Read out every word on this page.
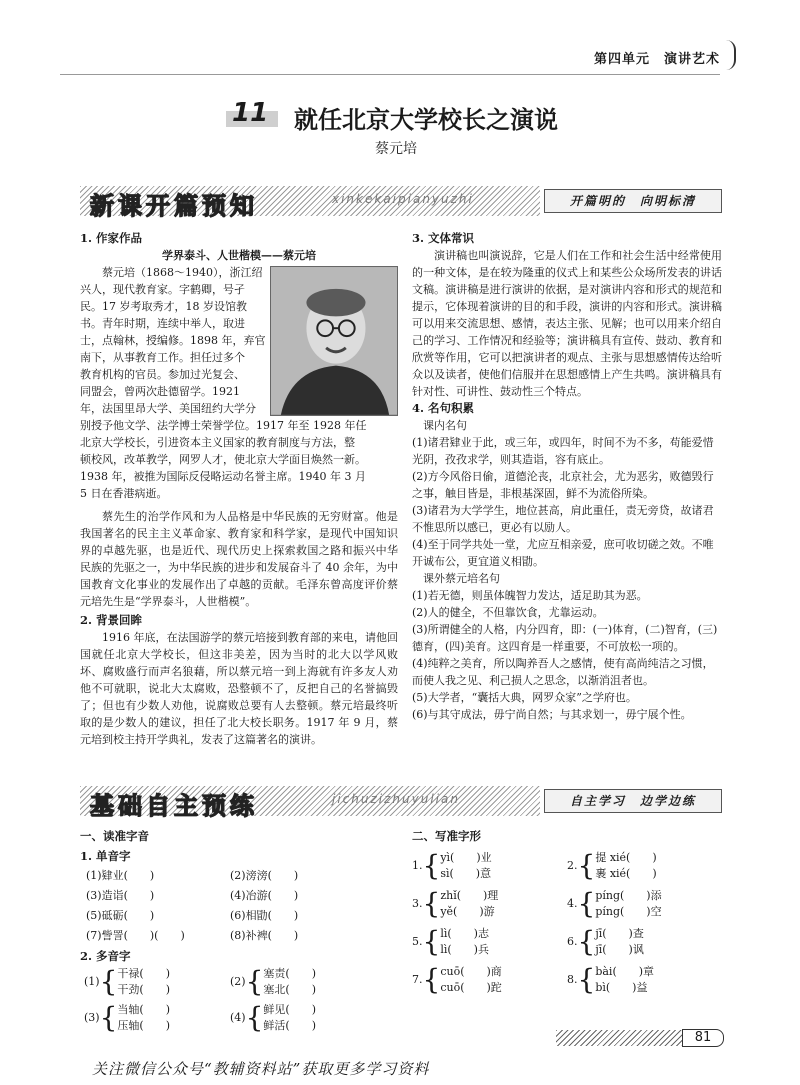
第四单元　演讲艺术
11 就任北京大学校长之演说
蔡元培
新课开篇预知	xinkekaipianyuzhi	开篇明的　向明标清
1. 作家作品
学界泰斗、人世楷模——蔡元培
蔡元培（1868～1940），浙江绍
兴人，现代教育家。字鹤卿，号孑
民。17 岁考取秀才，18 岁设馆教
书。青年时期，连续中举人，取进
士，点翰林，授编修。1898 年，弃官
南下，从事教育工作。担任过多个
教育机构的官员。参加过光复会、
同盟会，曾两次赴德留学。1921
年，法国里昂大学、美国纽约大学分
别授予他文学、法学博士荣誉学位。1917 年至 1928 年任
北京大学校长，引进资本主义国家的教育制度与方法，整
顿校风，改革教学，网罗人才，使北京大学面目焕然一新。
1938 年，被推为国际反侵略运动名誉主席。1940 年 3 月
5 日在香港病逝。
蔡先生的治学作风和为人品格是中华民族的无穷财富。他是我国著名的民主主义革命家、教育家和科学家，是现代中国知识界的卓越先驱，也是近代、现代历史上探索救国之路和振兴中华民族的先驱之一，为中华民族的进步和发展奋斗了 40 余年，为中国教育文化事业的发展作出了卓越的贡献。毛泽东曾高度评价蔡元培先生是“学界泰斗，人世楷模”。
2. 背景回眸
1916 年底，在法国游学的蔡元培接到教育部的来电，请他回国就任北京大学校长，但这非美差，因为当时的北大以学风败坏、腐败盛行而声名狼藉，所以蔡元培一到上海就有许多友人劝他不可就职，说北大太腐败，恐整顿不了，反把自己的名誉搞毁了；但也有少数人劝他，说腐败总要有人去整顿。蔡元培最终听取的是少数人的建议，担任了北大校长职务。1917 年 9 月，蔡元培到校主持开学典礼，发表了这篇著名的演讲。
3. 文体常识
演讲稿也叫演说辞，它是人们在工作和社会生活中经常使用的一种文体，是在较为隆重的仪式上和某些公众场所发表的讲话文稿。演讲稿是进行演讲的依据，是对演讲内容和形式的规范和提示，它体现着演讲的目的和手段，演讲的内容和形式。演讲稿可以用来交流思想、感情，表达主张、见解；也可以用来介绍自己的学习、工作情况和经验等；演讲稿具有宣传、鼓动、教育和欣赏等作用，它可以把演讲者的观点、主张与思想感情传达给听众以及读者，使他们信服并在思想感情上产生共鸣。演讲稿具有针对性、可讲性、鼓动性三个特点。
4. 名句积累
课内名句
(1)诸君肄业于此，或三年，或四年，时间不为不多，苟能爱惜光阴，孜孜求学，则其造诣，容有底止。
(2)方今风俗日偷，道德沦丧，北京社会，尤为恶劣，败德毁行之事，触目皆是，非根基深固，鲜不为流俗所染。
(3)诸君为大学学生，地位甚高，肩此重任，责无旁贷，故诸君不惟思所以感已，更必有以励人。
(4)至于同学共处一堂，尤应互相亲爱，庶可收切磋之效。不唯开诚布公，更宜道义相勖。
课外蔡元培名句
(1)若无德，则虽体魄智力发达，适足助其为恶。
(2)人的健全，不但靠饮食，尤靠运动。
(3)所谓健全的人格，内分四育，即：(一)体育，(二)智育，(三)德育，(四)美育。这四育是一样重要，不可放松一项的。
(4)纯粹之美育，所以陶养吾人之感情，使有高尚纯洁之习惯，而使人我之见、利己损人之思念，以渐消沮者也。
(5)大学者，“囊括大典，网罗众家”之学府也。
(6)与其守成法，毋宁尚自然；与其求划一，毋宁展个性。
基础自主预练	jichuzizhuyulian	自主学习　边学边练
一、读准字音
1. 单音字
(1)肄业(　　)	(2)滂滂(　　)
(3)造诣(　　)	(4)冶游(　　)
(5)砥砺(　　)	(6)相勖(　　)
(7)訾詈(　　)(　　)	(8)补裨(　　)
2. 多音字
(1) { 干禄(　　)
干劲(　　)
(2) { 塞责(　　)
塞北(　　)
(3) { 当轴(　　)
压轴(　　)
(4) { 鲜见(　　)
鲜活(　　)
二、写准字形
1. { yì(　　)业
sì(　　)意
2. { 提 xié(　　)
裹 xié(　　)
3. { zhǐ(　　)理
yě(　　)游
4. { píng(　　)添
píng(　　)空
5. { lì(　　)志
lì(　　)兵
6. { jī(　　)查
jī(　　)讽
7. { cuō(　　)商
cuō(　　)跎
8. { bài(　　)章
bì(　　)益
81
关注微信公众号“教辅资料站”获取更多学习资料
